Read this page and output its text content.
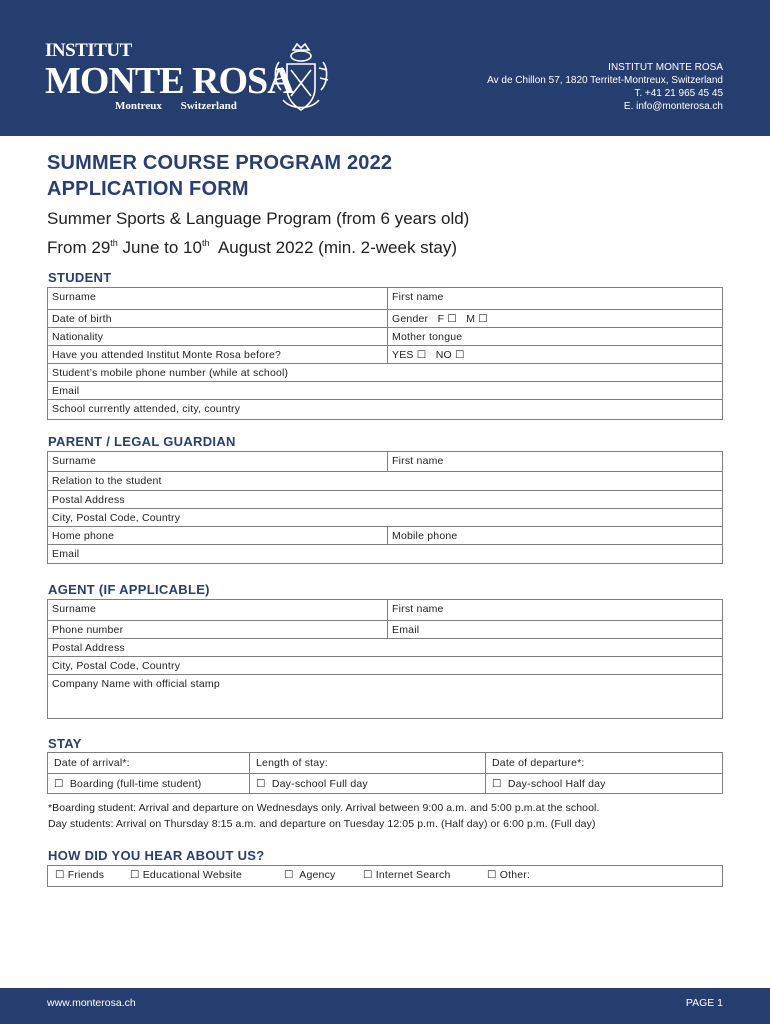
INSTITUT
MONTE ROSA
Montreux Switzerland
INSTITUT MONTE ROSA
Av de Chillon 57, 1820 Territet-Montreux, Switzerland
T. +41 21 965 45 45
E. info@monterosa.ch
SUMMER COURSE PROGRAM 2022
APPLICATION FORM
Summer Sports & Language Program (from 6 years old)
From 29th June to 10th  August 2022 (min. 2-week stay)
STUDENT
Surname	First name
Date of birth	Gender   F ☐   M ☐
Nationality	Mother tongue
Have you attended Institut Monte Rosa before?	YES ☐   NO ☐
Student’s mobile phone number (while at school)
Email
School currently attended, city, country
PARENT / LEGAL GUARDIAN
Surname	First name
Relation to the student
Postal Address
City, Postal Code, Country
Home phone	Mobile phone
Email
AGENT (IF APPLICABLE)
Surname	First name
Phone number	Email
Postal Address
City, Postal Code, Country
Company Name with official stamp
STAY
Date of arrival*:	Length of stay:	Date of departure*:
☐  Boarding (full-time student)	☐  Day-school Full day	☐  Day-school Half day
*Boarding student: Arrival and departure on Wednesdays only. Arrival between 9:00 a.m. and 5:00 p.m.at the school.
Day students: Arrival on Thursday 8:15 a.m. and departure on Tuesday 12:05 p.m. (Half day) or 6:00 p.m. (Full day)
HOW DID YOU HEAR ABOUT US?
☐ Friends ☐ Educational Website	☐  Agency	☐ Internet Search	☐ Other:
www.monterosa.ch	PAGE 1
